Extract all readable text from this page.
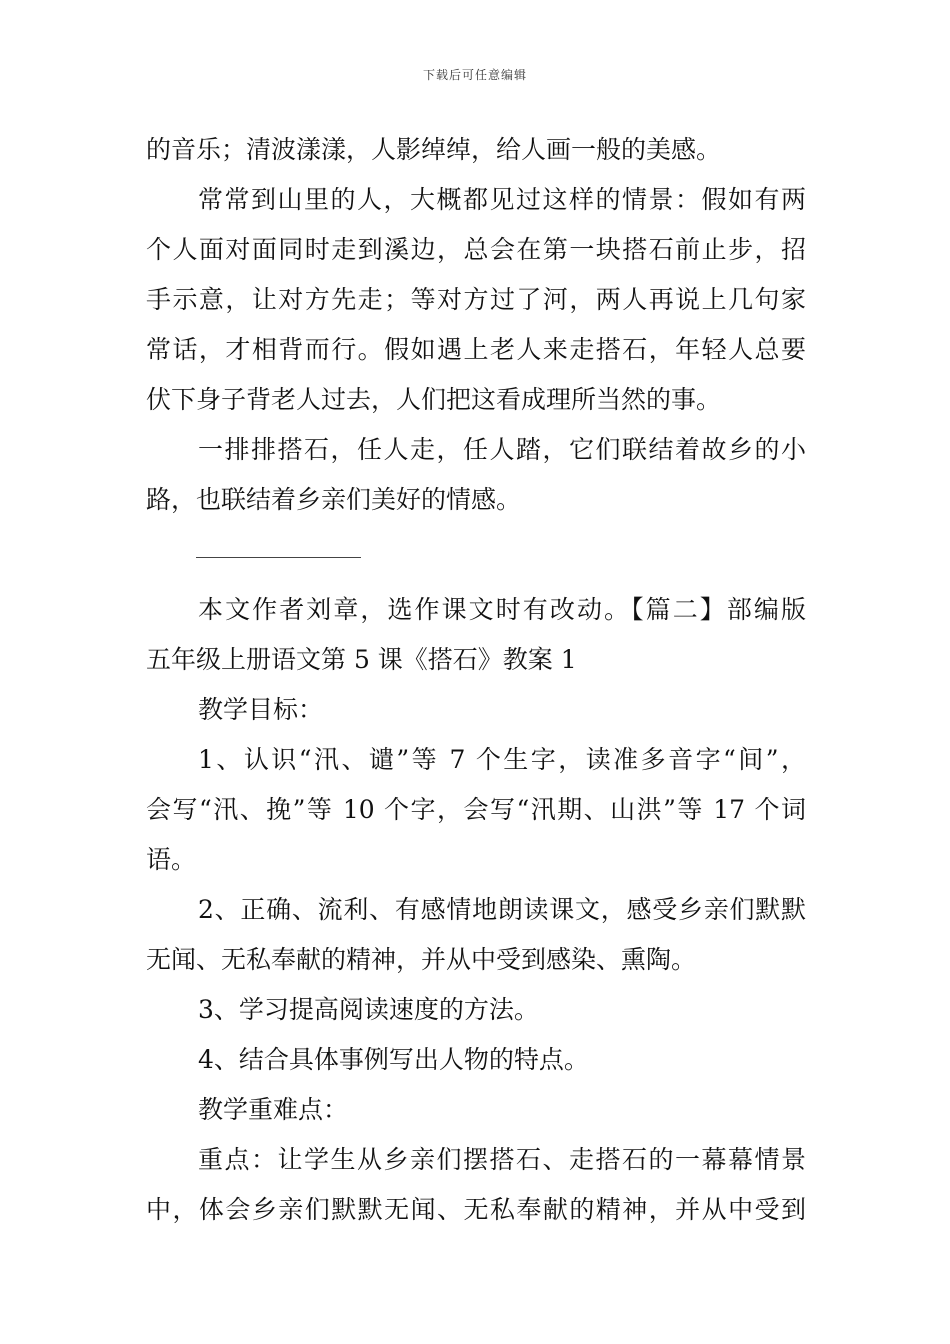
下载后可任意编辑
的音乐；清波漾漾，人影绰绰，给人画一般的美感。
常常到山里的人，大概都见过这样的情景：假如有两
个人面对面同时走到溪边，总会在第一块搭石前止步，招
手示意，让对方先走；等对方过了河，两人再说上几句家
常话，才相背而行。假如遇上老人来走搭石，年轻人总要
伏下身子背老人过去，人们把这看成理所当然的事。
一排排搭石，任人走，任人踏，它们联结着故乡的小
路，也联结着乡亲们美好的情感。
本文作者刘章，选作课文时有改动。【篇二】部编版
五年级上册语文第 5 课《搭石》教案 1
教学目标：
1、认识“汛、谴”等 7 个生字，读准多音字“间”，
会写“汛、挽”等 10 个字，会写“汛期、山洪”等 17 个词
语。
2、正确、流利、有感情地朗读课文，感受乡亲们默默
无闻、无私奉献的精神，并从中受到感染、熏陶。
3、学习提高阅读速度的方法。
4、结合具体事例写出人物的特点。
教学重难点：
重点：让学生从乡亲们摆搭石、走搭石的一幕幕情景
中，体会乡亲们默默无闻、无私奉献的精神，并从中受到
